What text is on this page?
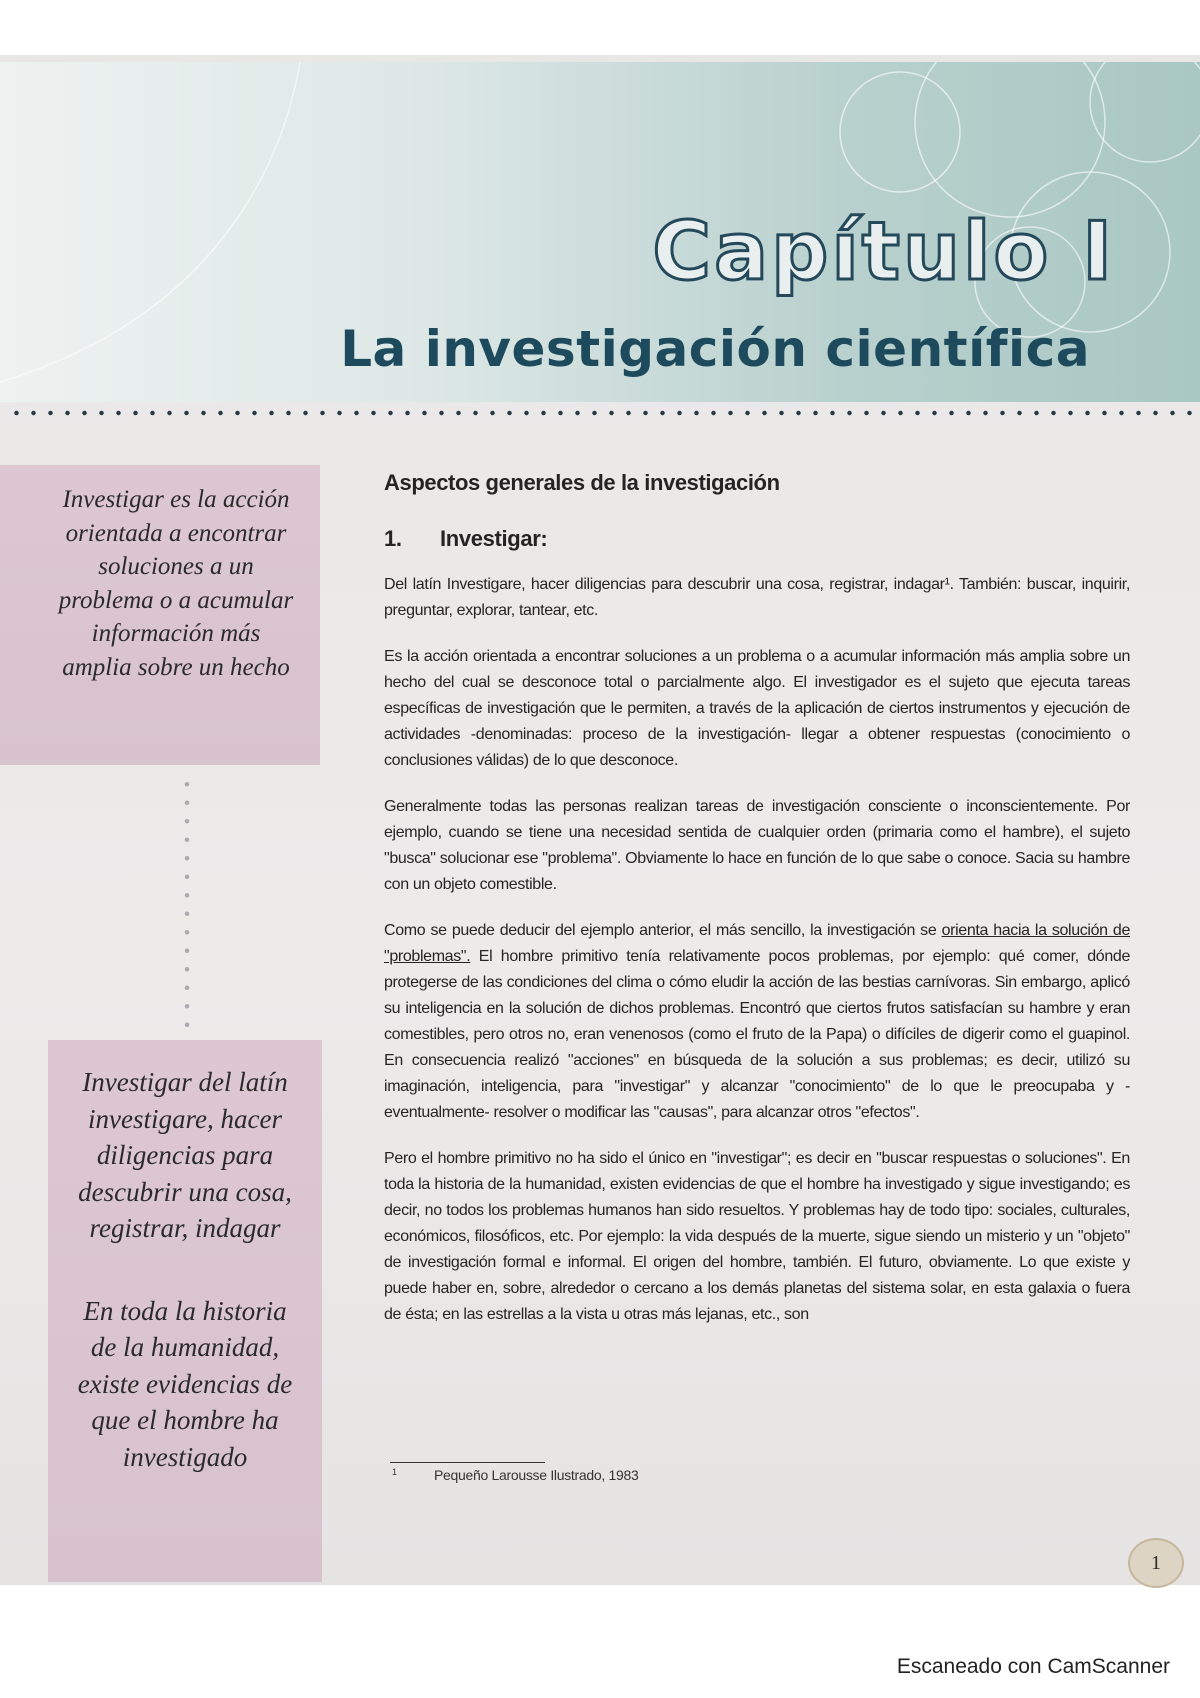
Capítulo I
La investigación científica
Investigar es la acción orientada a encontrar soluciones a un problema o a acumular información más amplia sobre un hecho

Investigar del latín investigare, hacer diligencias para descubrir una cosa, registrar, indagar

En toda la historia de la humanidad, existe evidencias de que el hombre ha investigado

Aspectos generales de la investigación
1. Investigar:

Del latín Investigare, hacer diligencias para descubrir una cosa, registrar, indagar¹. También: buscar, inquirir, preguntar, explorar, tantear, etc.

Es la acción orientada a encontrar soluciones a un problema o a acumular información más amplia sobre un hecho del cual se desconoce total o parcialmente algo. El investigador es el sujeto que ejecuta tareas específicas de investigación que le permiten, a través de la aplicación de ciertos instrumentos y ejecución de actividades -denominadas: proceso de la investigación- llegar a obtener respuestas (conocimiento o conclusiones válidas) de lo que desconoce.

Generalmente todas las personas realizan tareas de investigación consciente o inconscientemente. Por ejemplo, cuando se tiene una necesidad sentida de cualquier orden (primaria como el hambre), el sujeto "busca" solucionar ese "problema". Obviamente lo hace en función de lo que sabe o conoce. Sacia su hambre con un objeto comestible.

Como se puede deducir del ejemplo anterior, el más sencillo, la investigación se orienta hacia la solución de "problemas". El hombre primitivo tenía relativamente pocos problemas, por ejemplo: qué comer, dónde protegerse de las condiciones del clima o cómo eludir la acción de las bestias carnívoras. Sin embargo, aplicó su inteligencia en la solución de dichos problemas. Encontró que ciertos frutos satisfacían su hambre y eran comestibles, pero otros no, eran venenosos (como el fruto de la Papa) o difíciles de digerir como el guapinol. En consecuencia realizó "acciones" en búsqueda de la solución a sus problemas; es decir, utilizó su imaginación, inteligencia, para "investigar" y alcanzar "conocimiento" de lo que le preocupaba y -eventualmente- resolver o modificar las "causas", para alcanzar otros "efectos".

Pero el hombre primitivo no ha sido el único en "investigar"; es decir en "buscar respuestas o soluciones". En toda la historia de la humanidad, existen evidencias de que el hombre ha investigado y sigue investigando; es decir, no todos los problemas humanos han sido resueltos. Y problemas hay de todo tipo: sociales, culturales, económicos, filosóficos, etc. Por ejemplo: la vida después de la muerte, sigue siendo un misterio y un "objeto" de investigación formal e informal. El origen del hombre, también. El futuro, obviamente. Lo que existe y puede haber en, sobre, alrededor o cercano a los demás planetas del sistema solar, en esta galaxia o fuera de ésta; en las estrellas a la vista u otras más lejanas, etc., son

1	Pequeño Larousse Ilustrado, 1983
1
Escaneado con CamScanner
